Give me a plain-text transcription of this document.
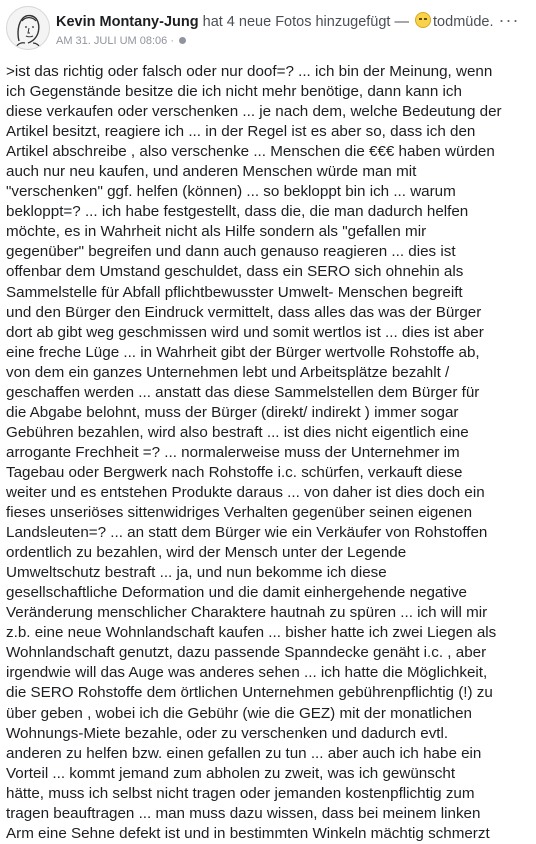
Kevin Montany-Jung hat 4 neue Fotos hinzugefügt — todmüde.
AM 31. JULI UM 08:06 ·
···
>ist das richtig oder falsch oder nur doof=? ... ich bin der Meinung, wenn
ich Gegenstände besitze die ich nicht mehr benötige, dann kann ich
diese verkaufen oder verschenken ... je nach dem, welche Bedeutung der
Artikel besitzt, reagiere ich ... in der Regel ist es aber so, dass ich den
Artikel abschreibe , also verschenke ... Menschen die €€€ haben würden
auch nur neu kaufen, und anderen Menschen würde man mit
"verschenken" ggf. helfen (können) ... so bekloppt bin ich ... warum
bekloppt=? ... ich habe festgestellt, dass die, die man dadurch helfen
möchte, es in Wahrheit nicht als Hilfe sondern als "gefallen mir
gegenüber" begreifen und dann auch genauso reagieren ... dies ist
offenbar dem Umstand geschuldet, dass ein SERO sich ohnehin als
Sammelstelle für Abfall pflichtbewusster Umwelt- Menschen begreift
und den Bürger den Eindruck vermittelt, dass alles das was der Bürger
dort ab gibt weg geschmissen wird und somit wertlos ist ... dies ist aber
eine freche Lüge ... in Wahrheit gibt der Bürger wertvolle Rohstoffe ab,
von dem ein ganzes Unternehmen lebt und Arbeitsplätze bezahlt /
geschaffen werden ... anstatt das diese Sammelstellen dem Bürger für
die Abgabe belohnt, muss der Bürger (direkt/ indirekt ) immer sogar
Gebühren bezahlen, wird also bestraft ... ist dies nicht eigentlich eine
arrogante Frechheit =? ... normalerweise muss der Unternehmer im
Tagebau oder Bergwerk nach Rohstoffe i.c. schürfen, verkauft diese
weiter und es entstehen Produkte daraus ... von daher ist dies doch ein
fieses unseriöses sittenwidriges Verhalten gegenüber seinen eigenen
Landsleuten=? ... an statt dem Bürger wie ein Verkäufer von Rohstoffen
ordentlich zu bezahlen, wird der Mensch unter der Legende
Umweltschutz bestraft ... ja, und nun bekomme ich diese
gesellschaftliche Deformation und die damit einhergehende negative
Veränderung menschlicher Charaktere hautnah zu spüren ... ich will mir
z.b. eine neue Wohnlandschaft kaufen ... bisher hatte ich zwei Liegen als
Wohnlandschaft genutzt, dazu passende Spanndecke genäht i.c. , aber
irgendwie will das Auge was anderes sehen ... ich hatte die Möglichkeit,
die SERO Rohstoffe dem örtlichen Unternehmen gebührenpflichtig (!) zu
über geben , wobei ich die Gebühr (wie die GEZ) mit der monatlichen
Wohnungs-Miete bezahle, oder zu verschenken und dadurch evtl.
anderen zu helfen bzw. einen gefallen zu tun ... aber auch ich habe ein
Vorteil ... kommt jemand zum abholen zu zweit, was ich gewünscht
hätte, muss ich selbst nicht tragen oder jemanden kostenpflichtig zum
tragen beauftragen ... man muss dazu wissen, dass bei meinem linken
Arm eine Sehne defekt ist und in bestimmten Winkeln mächtig schmerzt
